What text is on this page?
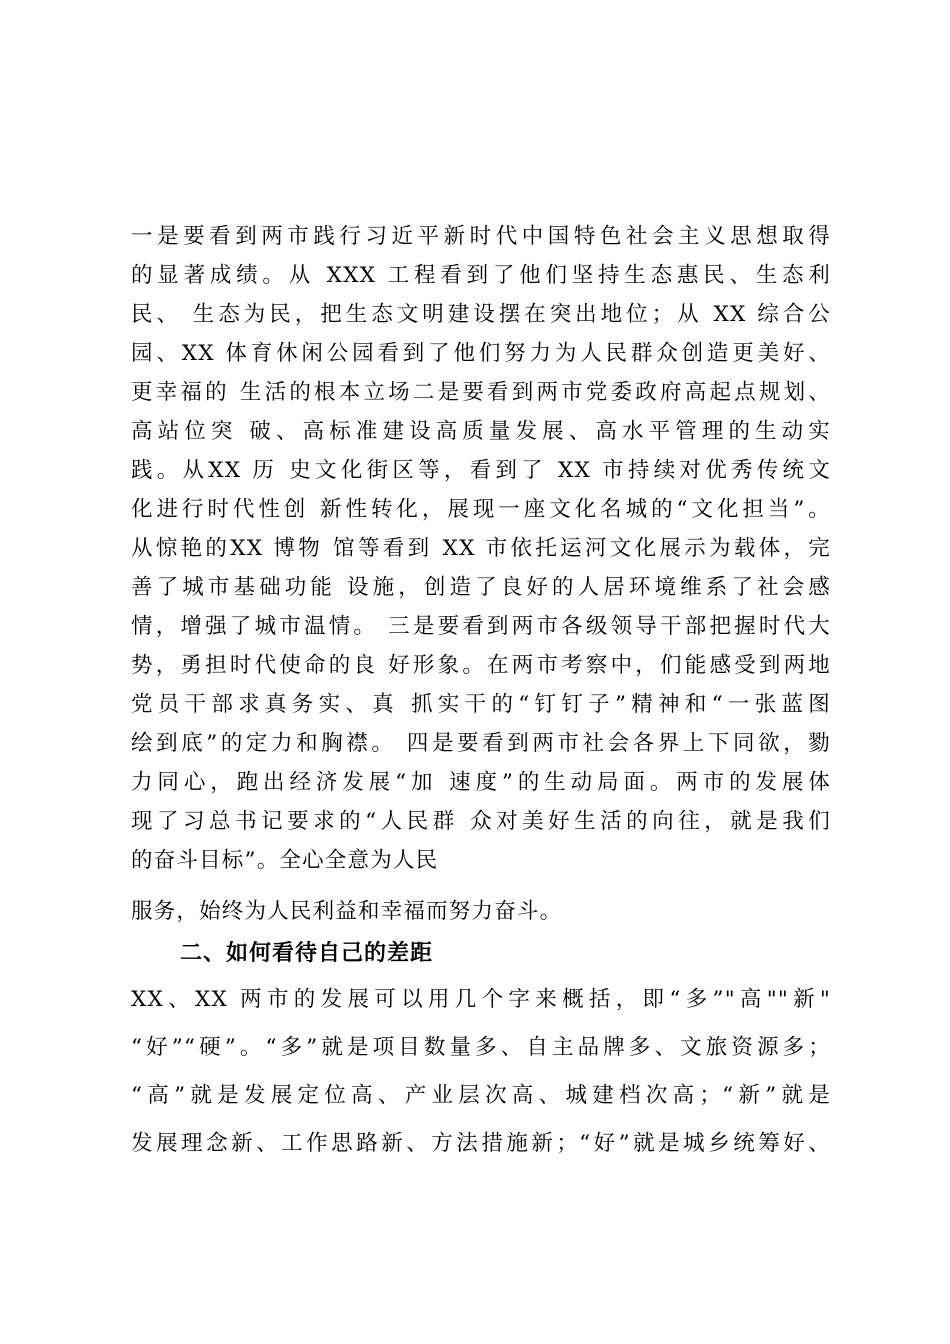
一是要看到两市践行习近平新时代中国特色社会主义思想取得
的显著成绩。从 XXX 工程看到了他们坚持生态惠民、生态利
民、 生态为民，把生态文明建设摆在突出地位；从 XX 综合公
园、XX 体育休闲公园看到了他们努力为人民群众创造更美好、
更幸福的 生活的根本立场二是要看到两市党委政府高起点规划、
高站位突 破、高标准建设高质量发展、高水平管理的生动实
践。从XX 历 史文化街区等，看到了 XX 市持续对优秀传统文
化进行时代性创 新性转化，展现一座文化名城的“文化担当”。
从惊艳的XX 博物 馆等看到 XX 市依托运河文化展示为载体，完
善了城市基础功能 设施，创造了良好的人居环境维系了社会感
情，增强了城市温情。 三是要看到两市各级领导干部把握时代大
势，勇担时代使命的良 好形象。在两市考察中，们能感受到两地
党员干部求真务实、真 抓实干的“钉钉子”精神和“一张蓝图
绘到底”的定力和胸襟。 四是要看到两市社会各界上下同欲，勠
力同心，跑出经济发展“加 速度”的生动局面。两市的发展体
现了习总书记要求的“人民群 众对美好生活的向往，就是我们
的奋斗目标”。全心全意为人民
服务，始终为人民利益和幸福而努力奋斗。
二、如何看待自己的差距
XX、XX 两市的发展可以用几个字来概括，即“多”"高""新"
“好”“硬”。“多”就是项目数量多、自主品牌多、文旅资源多；
“高”就是发展定位高、产业层次高、城建档次高；“新”就是
发展理念新、工作思路新、方法措施新；“好”就是城乡统筹好、
